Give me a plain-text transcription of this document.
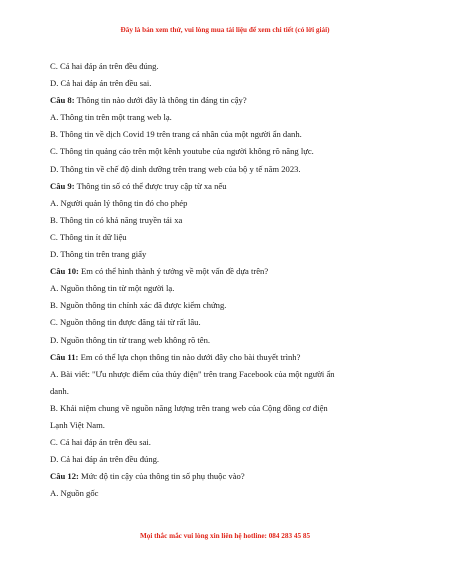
Đây là bản xem thử, vui lòng mua tài liệu để xem chi tiết (có lời giải)
C. Cả hai đáp án trên đều đúng.
D. Cả hai đáp án trên đều sai.
Câu 8: Thông tin nào dưới đây là thông tin đáng tin cậy?
A. Thông tin trên một trang web lạ.
B. Thông tin về dịch Covid 19 trên trang cá nhân của một người ẩn danh.
C. Thông tin quảng cáo trên một kênh youtube của người không rõ năng lực.
D. Thông tin về chế độ dinh dưỡng trên trang web của bộ y tế năm 2023.
Câu 9: Thông tin số có thể được truy cập từ xa nếu
A. Người quản lý thông tin đó cho phép
B. Thông tin có khả năng truyền tải xa
C. Thông tin ít dữ liệu
D. Thông tin trên trang giấy
Câu 10: Em có thể hình thành ý tưởng về một vấn đề dựa trên?
A. Nguồn thông tin từ một người lạ.
B. Nguồn thông tin chính xác đã được kiểm chứng.
C. Nguồn thông tin được đăng tải từ rất lâu.
D. Nguồn thông tin từ trang web không rõ tên.
Câu 11: Em có thể lựa chọn thông tin nào dưới đây cho bài thuyết trình?
A. Bài viết: "Ưu nhược điểm của thủy điện" trên trang Facebook của một người ẩn
danh.
B. Khái niệm chung về nguồn năng lượng trên trang web của Cộng đồng cơ điện
Lạnh Việt Nam.
C. Cả hai đáp án trên đều sai.
D. Cả hai đáp án trên đều đúng.
Câu 12: Mức độ tin cậy của thông tin số phụ thuộc vào?
A. Nguồn gốc
Mọi thắc mắc vui lòng xin liên hệ hotline: 084 283 45 85
